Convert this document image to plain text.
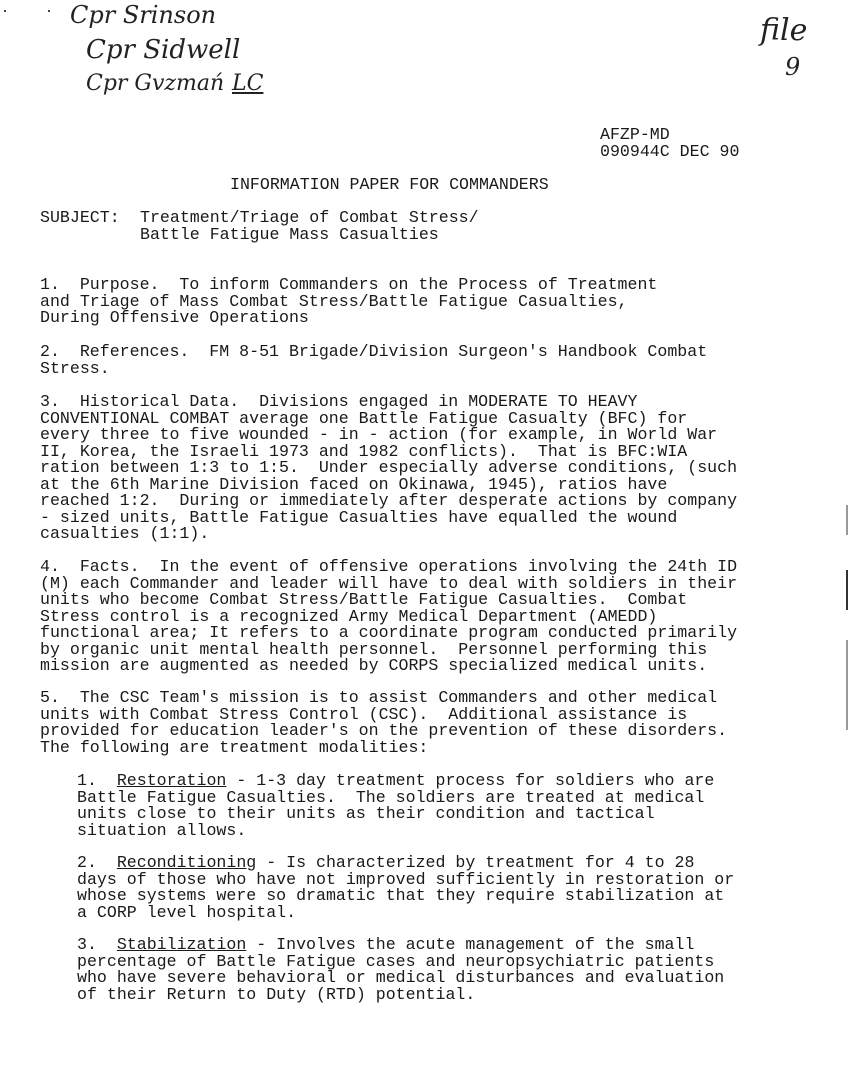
Cpr Srinson
Cpr Sidwell
Cpr Gvzmań LC
file
9
AFZP-MD
090944C DEC 90
INFORMATION PAPER FOR COMMANDERS
SUBJECT: Treatment/Triage of Combat Stress/
Battle Fatigue Mass Casualties
1.  Purpose.  To inform Commanders on the Process of Treatment
and Triage of Mass Combat Stress/Battle Fatigue Casualties,
During Offensive Operations
2.  References.  FM 8-51 Brigade/Division Surgeon's Handbook Combat
Stress.
3.  Historical Data.  Divisions engaged in MODERATE TO HEAVY
CONVENTIONAL COMBAT average one Battle Fatigue Casualty (BFC) for
every three to five wounded - in - action (for example, in World War
II, Korea, the Israeli 1973 and 1982 conflicts).  That is BFC:WIA
ration between 1:3 to 1:5.  Under especially adverse conditions, (such
at the 6th Marine Division faced on Okinawa, 1945), ratios have
reached 1:2.  During or immediately after desperate actions by company
- sized units, Battle Fatigue Casualties have equalled the wound
casualties (1:1).
4.  Facts.  In the event of offensive operations involving the 24th ID
(M) each Commander and leader will have to deal with soldiers in their
units who become Combat Stress/Battle Fatigue Casualties.  Combat
Stress control is a recognized Army Medical Department (AMEDD)
functional area; It refers to a coordinate program conducted primarily
by organic unit mental health personnel.  Personnel performing this
mission are augmented as needed by CORPS specialized medical units.
5.  The CSC Team's mission is to assist Commanders and other medical
units with Combat Stress Control (CSC).  Additional assistance is
provided for education leader's on the prevention of these disorders.
The following are treatment modalities:
1.  Restoration - 1-3 day treatment process for soldiers who are
Battle Fatigue Casualties.  The soldiers are treated at medical
units close to their units as their condition and tactical
situation allows.
2.  Reconditioning - Is characterized by treatment for 4 to 28
days of those who have not improved sufficiently in restoration or
whose systems were so dramatic that they require stabilization at
a CORP level hospital.
3.  Stabilization - Involves the acute management of the small
percentage of Battle Fatigue cases and neuropsychiatric patients
who have severe behavioral or medical disturbances and evaluation
of their Return to Duty (RTD) potential.
